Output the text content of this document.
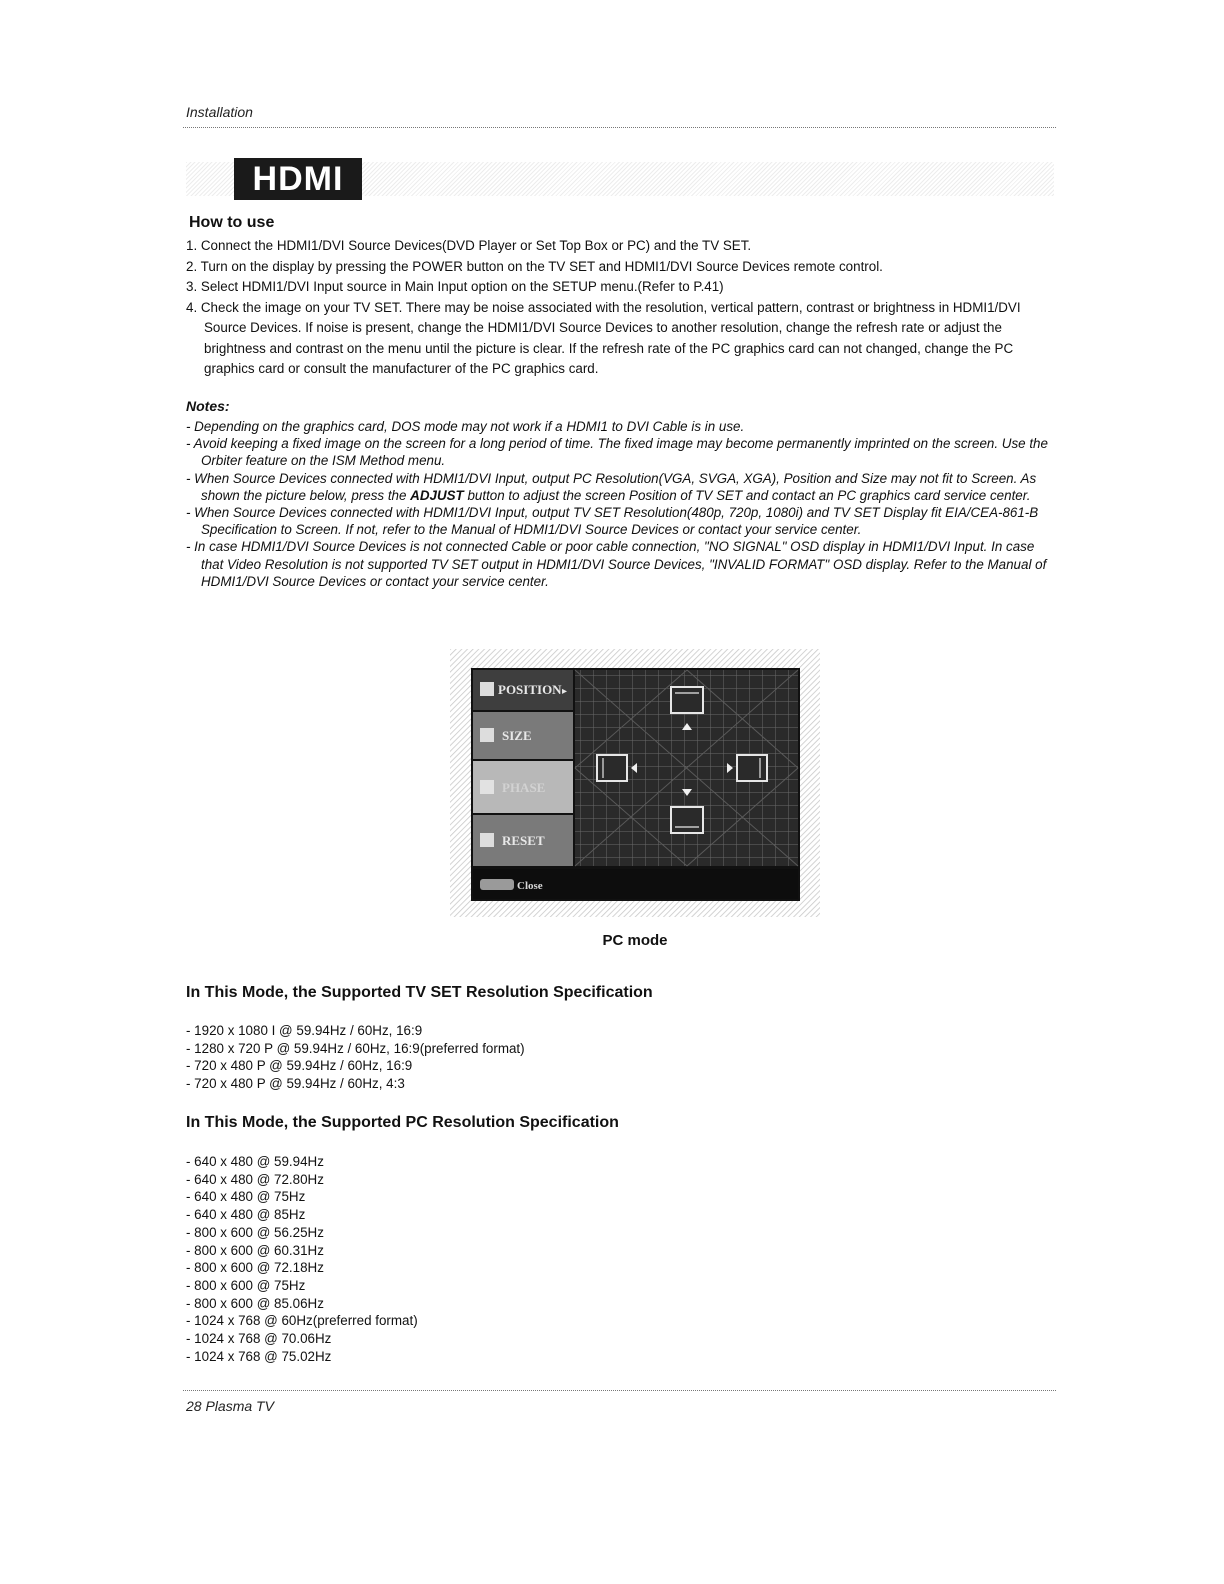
Installation
HDMI
How to use
1. Connect the HDMI1/DVI Source Devices(DVD Player or Set Top Box or PC) and the TV SET.
2. Turn on the display by pressing the POWER button on the TV SET and HDMI1/DVI Source Devices remote control.
3. Select HDMI1/DVI Input source in Main Input option on the SETUP menu.(Refer to P.41)
4. Check the image on your TV SET. There may be noise associated with the resolution, vertical pattern, contrast or brightness in HDMI1/DVI Source Devices. If noise is present, change the HDMI1/DVI Source Devices to another resolution, change the refresh rate or adjust the brightness and contrast on the menu until the picture is clear. If the refresh rate of the PC graphics card can not changed, change the PC graphics card or consult the manufacturer of the PC graphics card.
Notes:
- Depending on the graphics card, DOS mode may not work if a HDMI1 to DVI Cable is in use.
- Avoid keeping a fixed image on the screen for a long period of time. The fixed image may become permanently imprinted on the screen. Use the Orbiter feature on the ISM Method menu.
- When Source Devices connected with HDMI1/DVI Input, output PC Resolution(VGA, SVGA, XGA), Position and Size may not fit to Screen. As shown the picture below, press the ADJUST button to adjust the screen Position of TV SET and contact an PC graphics card service center.
- When Source Devices connected with HDMI1/DVI Input, output TV SET Resolution(480p, 720p, 1080i) and TV SET Display fit EIA/CEA-861-B Specification to Screen. If not, refer to the Manual of HDMI1/DVI Source Devices or contact your service center.
- In case HDMI1/DVI Source Devices is not connected Cable or poor cable connection, "NO SIGNAL" OSD display in HDMI1/DVI Input. In case that Video Resolution is not supported TV SET output in HDMI1/DVI Source Devices, "INVALID FORMAT" OSD display. Refer to the Manual of HDMI1/DVI Source Devices or contact your service center.
POSITION ▸
SIZE
PHASE
RESET
Close
PC mode
In This Mode, the Supported TV SET Resolution Specification
- 1920 x 1080 I @ 59.94Hz / 60Hz, 16:9
- 1280 x 720 P @ 59.94Hz / 60Hz, 16:9(preferred format)
- 720 x 480 P @ 59.94Hz / 60Hz, 16:9
- 720 x 480 P @ 59.94Hz / 60Hz, 4:3
In This Mode, the Supported PC Resolution Specification
- 640 x 480 @ 59.94Hz
- 640 x 480 @ 72.80Hz
- 640 x 480 @ 75Hz
- 640 x 480 @ 85Hz
- 800 x 600 @ 56.25Hz
- 800 x 600 @ 60.31Hz
- 800 x 600 @ 72.18Hz
- 800 x 600 @ 75Hz
- 800 x 600 @ 85.06Hz
- 1024 x 768 @ 60Hz(preferred format)
- 1024 x 768 @ 70.06Hz
- 1024 x 768 @ 75.02Hz
28 Plasma TV
